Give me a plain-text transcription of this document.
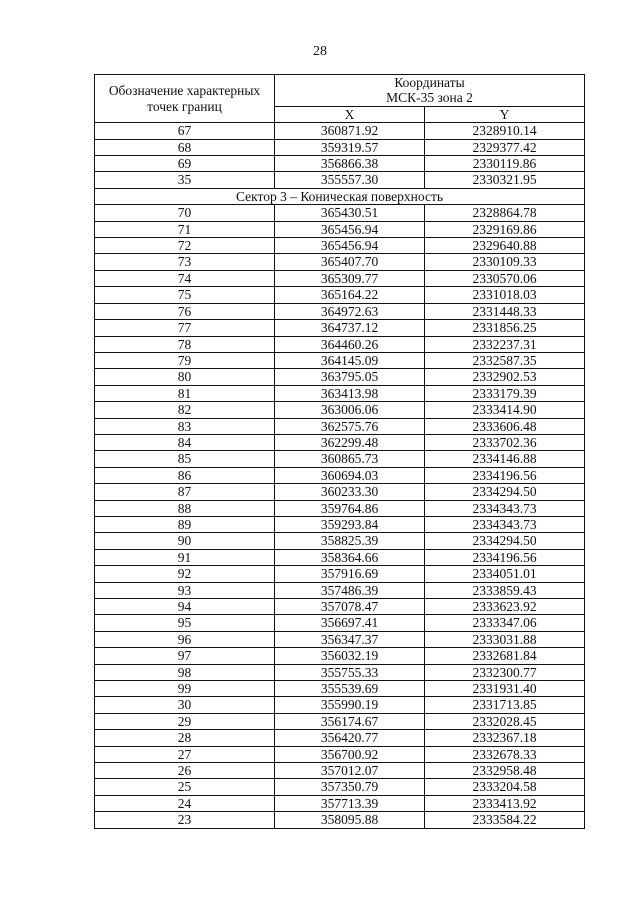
28
Обозначение характерных
точек границ	Координаты
МСК-35 зона 2	
	X	Y
67	360871.92	2328910.14
68	359319.57	2329377.42
69	356866.38	2330119.86
35	355557.30	2330321.95
Сектор 3 – Коническая поверхность		
70	365430.51	2328864.78
71	365456.94	2329169.86
72	365456.94	2329640.88
73	365407.70	2330109.33
74	365309.77	2330570.06
75	365164.22	2331018.03
76	364972.63	2331448.33
77	364737.12	2331856.25
78	364460.26	2332237.31
79	364145.09	2332587.35
80	363795.05	2332902.53
81	363413.98	2333179.39
82	363006.06	2333414.90
83	362575.76	2333606.48
84	362299.48	2333702.36
85	360865.73	2334146.88
86	360694.03	2334196.56
87	360233.30	2334294.50
88	359764.86	2334343.73
89	359293.84	2334343.73
90	358825.39	2334294.50
91	358364.66	2334196.56
92	357916.69	2334051.01
93	357486.39	2333859.43
94	357078.47	2333623.92
95	356697.41	2333347.06
96	356347.37	2333031.88
97	356032.19	2332681.84
98	355755.33	2332300.77
99	355539.69	2331931.40
30	355990.19	2331713.85
29	356174.67	2332028.45
28	356420.77	2332367.18
27	356700.92	2332678.33
26	357012.07	2332958.48
25	357350.79	2333204.58
24	357713.39	2333413.92
23	358095.88	2333584.22
